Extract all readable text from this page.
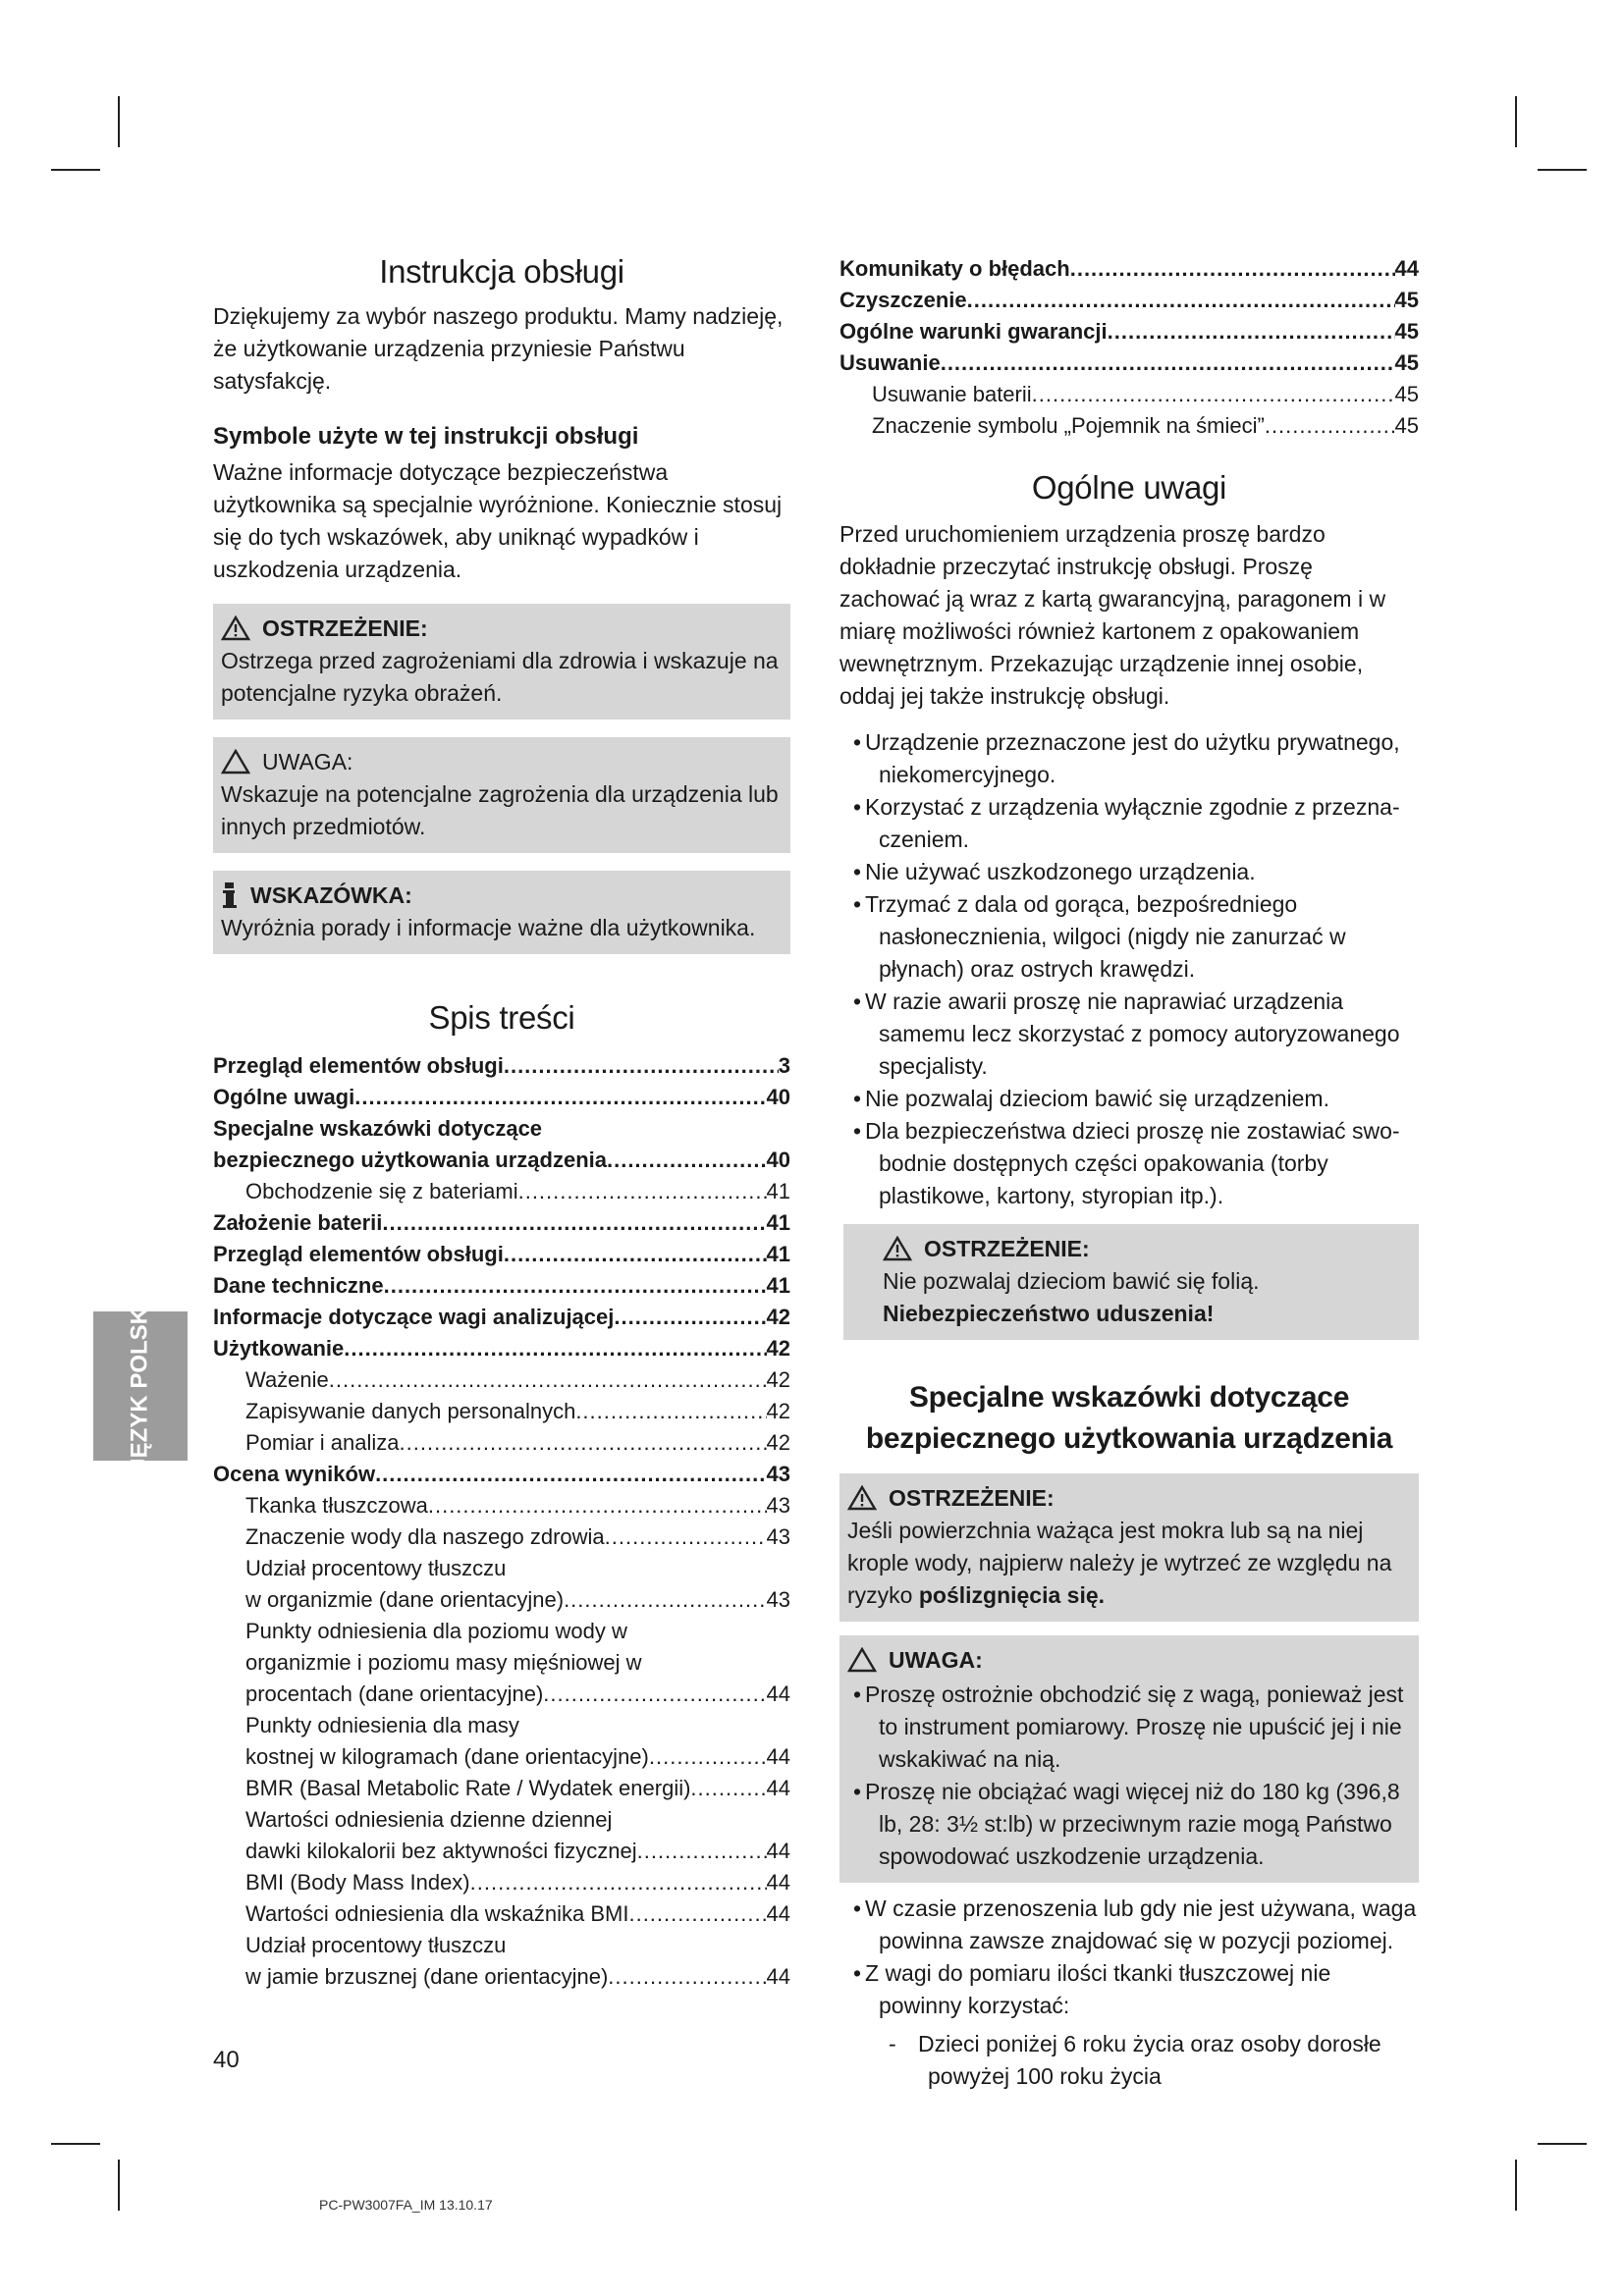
Instrukcja obsługi

Dziękujemy za wybór naszego produktu. Mamy nadzieję, że użytkowanie urządzenia przyniesie Państwu satysfakcję.

Symbole użyte w tej instrukcji obsługi

Ważne informacje dotyczące bezpieczeństwa użytkownika są specjalnie wyróżnione. Koniecznie stosuj się do tych wskazówek, aby uniknąć wypadków i uszkodzenia urządzenia.

OSTRZEŻENIE:

Ostrzega przed zagrożeniami dla zdrowia i wskazuje na potencjalne ryzyka obrażeń.

UWAGA:

Wskazuje na potencjalne zagrożenia dla urządzenia lub innych przedmiotów.

WSKAZÓWKA:

Wyróżnia porady i informacje ważne dla użytkownika.

Spis treści
Przegląd elementów obsługi .....	3
Ogólne uwagi .....	40
Specjalne wskazówki dotyczące
bezpiecznego użytkowania urządzenia .....	40
Obchodzenie się z bateriami .....	41
Założenie baterii .....	41
Przegląd elementów obsługi .....	41
Dane techniczne .....	41
Informacje dotyczące wagi analizującej .....	42
Użytkowanie .....	42
Ważenie .....	42
Zapisywanie danych personalnych .....	42
Pomiar i analiza .....	42
Ocena wyników .....	43
Tkanka tłuszczowa .....	43
Znaczenie wody dla naszego zdrowia .....	43
Udział procentowy tłuszczu
w organizmie (dane orientacyjne) .....	43
Punkty odniesienia dla poziomu wody w
organizmie i poziomu masy mięśniowej w
procentach (dane orientacyjne) .....	44
Punkty odniesienia dla masy
kostnej w kilogramach (dane orientacyjne) .....	44
BMR (Basal Metabolic Rate / Wydatek energii) .....	44
Wartości odniesienia dzienne dziennej
dawki kilokalorii bez aktywności fizycznej .....	44
BMI (Body Mass Index) .....	44
Wartości odniesienia dla wskaźnika BMI .....	44
Udział procentowy tłuszczu
w jamie brzusznej (dane orientacyjne) .....	44
Komunikaty o błędach .....	44
Czyszczenie .....	45
Ogólne warunki gwarancji .....	45
Usuwanie .....	45
Usuwanie baterii .....	45
Znaczenie symbolu „Pojemnik na śmieci” .....	45
Ogólne uwagi

Przed uruchomieniem urządzenia proszę bardzo dokładnie przeczytać instrukcję obsługi. Proszę zachować ją wraz z kartą gwarancyjną, paragonem i w miarę możliwości również kartonem z opakowaniem wewnętrznym. Przekazując urządzenie innej osobie, oddaj jej także instrukcję obsługi.

• Urządzenie przeznaczone jest do użytku prywatnego, niekomercyjnego.
• Korzystać z urządzenia wyłącznie zgodnie z przeznaczeniem.
• Nie używać uszkodzonego urządzenia.
• Trzymać z dala od gorąca, bezpośredniego nasłonecznienia, wilgoci (nigdy nie zanurzać w płynach) oraz ostrych krawędzi.
• W razie awarii proszę nie naprawiać urządzenia samemu lecz skorzystać z pomocy autoryzowanego specjalisty.
• Nie pozwalaj dzieciom bawić się urządzeniem.
• Dla bezpieczeństwa dzieci proszę nie zostawiać swobodnie dostępnych części opakowania (torby plastikowe, kartony, styropian itp.).
OSTRZEŻENIE:

Nie pozwalaj dzieciom bawić się folią. Niebezpieczeństwo uduszenia!

Specjalne wskazówki dotyczące bezpiecznego użytkowania urządzenia
OSTRZEŻENIE:

Jeśli powierzchnia ważąca jest mokra lub są na niej krople wody, najpierw należy je wytrzeć ze względu na ryzyko poślizgnięcia się.

UWAGA:
• Proszę ostrożnie obchodzić się z wagą, ponieważ jest to instrument pomiarowy. Proszę nie upuścić jej i nie wskakiwać na nią.
• Proszę nie obciążać wagi więcej niż do 180 kg (396,8 lb, 28: 3½ st:lb) w przeciwnym razie mogą Państwo spowodować uszkodzenie urządzenia.
• W czasie przenoszenia lub gdy nie jest używana, waga powinna zawsze znajdować się w pozycji poziomej.
• Z wagi do pomiaru ilości tkanki tłuszczowej nie powinny korzystać:
- Dzieci poniżej 6 roku życia oraz osoby dorosłe powyżej 100 roku życia
JĘZYK POLSKI
40
PC-PW3007FA_IM 13.10.17
